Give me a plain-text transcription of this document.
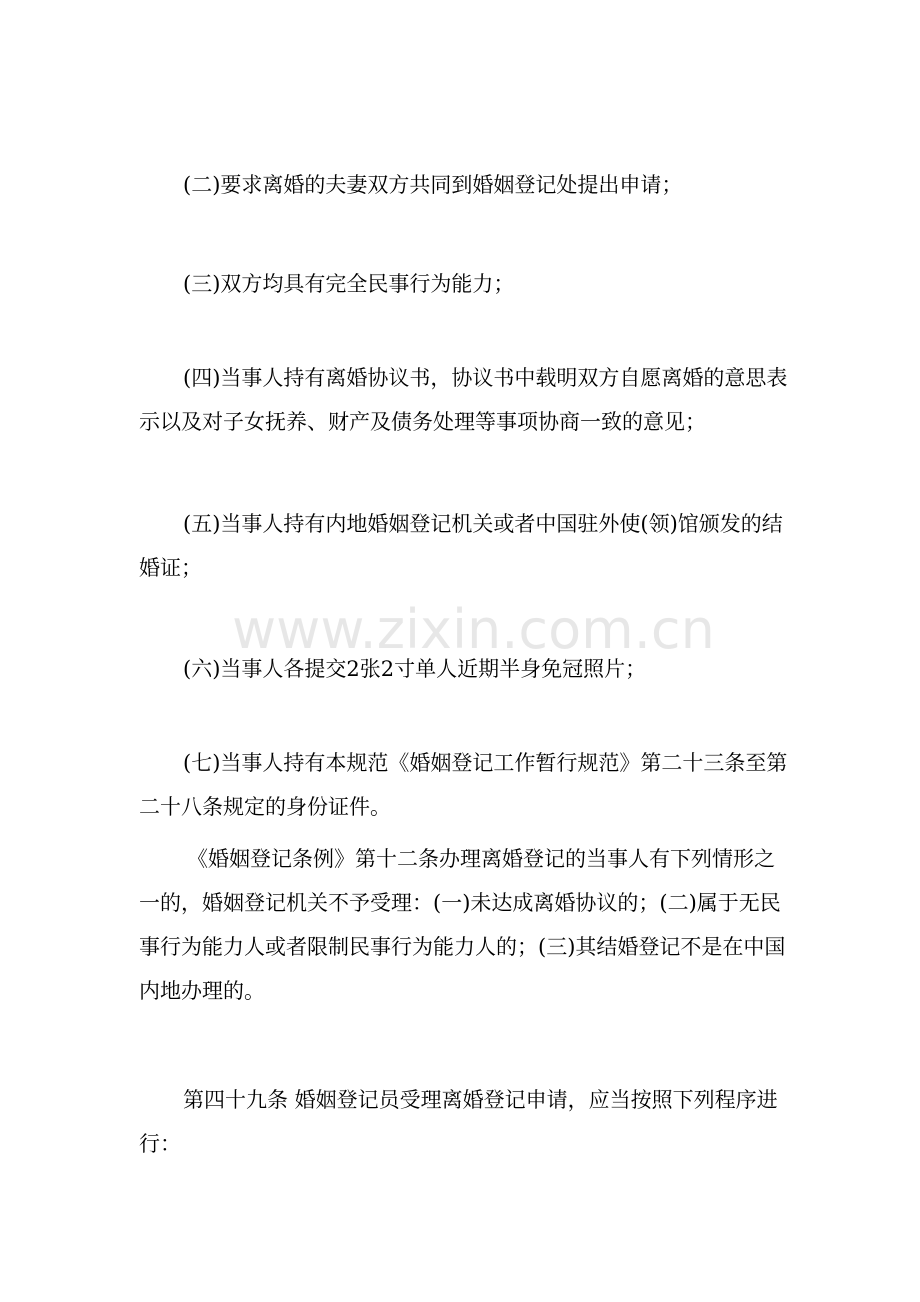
(二)要求离婚的夫妻双方共同到婚姻登记处提出申请；

(三)双方均具有完全民事行为能力；

(四)当事人持有离婚协议书，协议书中载明双方自愿离婚的意思表示以及对子女抚养、财产及债务处理等事项协商一致的意见；

(五)当事人持有内地婚姻登记机关或者中国驻外使(领)馆颁发的结婚证；

(六)当事人各提交2张2寸单人近期半身免冠照片；

(七)当事人持有本规范《婚姻登记工作暂行规范》第二十三条至第二十八条规定的身份证件。

《婚姻登记条例》第十二条办理离婚登记的当事人有下列情形之一的，婚姻登记机关不予受理：(一)未达成离婚协议的；(二)属于无民事行为能力人或者限制民事行为能力人的；(三)其结婚登记不是在中国内地办理的。

第四十九条 婚姻登记员受理离婚登记申请，应当按照下列程序进行：

www.zixin.com.cn
